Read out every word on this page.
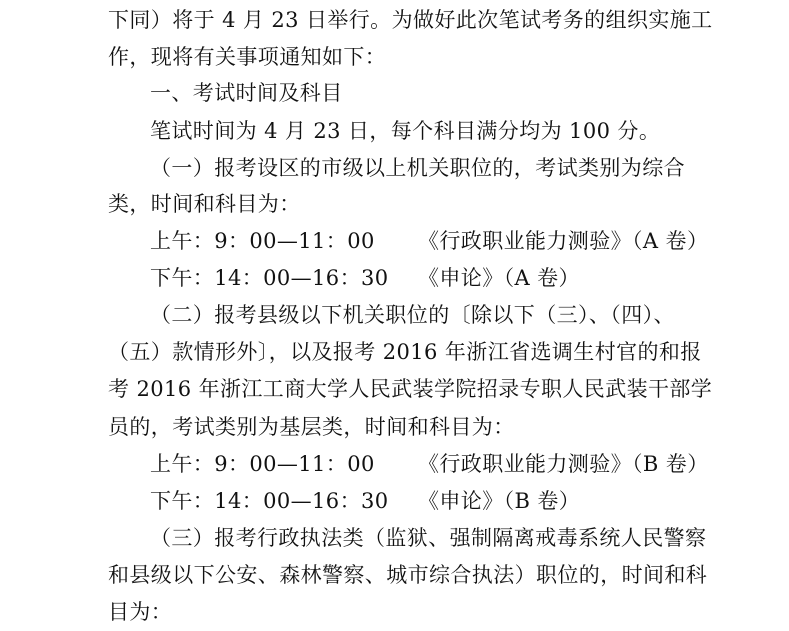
下同）将于 4 月 23 日举行。为做好此次笔试考务的组织实施工
作，现将有关事项通知如下：
一、考试时间及科目
笔试时间为 4 月 23 日，每个科目满分均为 100 分。
（一）报考设区的市级以上机关职位的，考试类别为综合
类，时间和科目为：
上午：9：00—11：00 《行政职业能力测验》（A 卷）
下午：14：00—16：30 《申论》（A 卷）
（二）报考县级以下机关职位的〔除以下（三）、（四）、
（五）款情形外〕，以及报考 2016 年浙江省选调生村官的和报
考 2016 年浙江工商大学人民武装学院招录专职人民武装干部学
员的，考试类别为基层类，时间和科目为：
上午：9：00—11：00 《行政职业能力测验》（B 卷）
下午：14：00—16：30 《申论》（B 卷）
（三）报考行政执法类（监狱、强制隔离戒毒系统人民警察
和县级以下公安、森林警察、城市综合执法）职位的，时间和科
目为：
